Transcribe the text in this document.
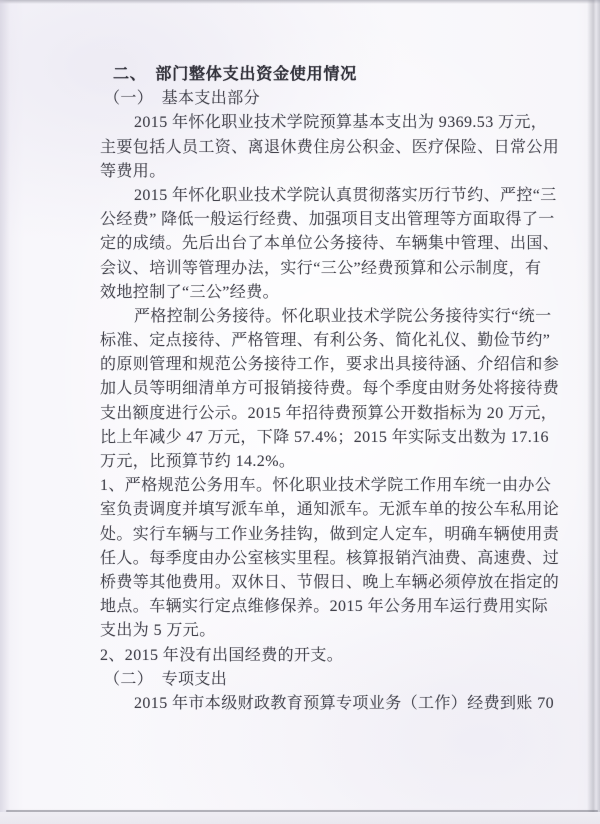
二、　部门整体支出资金使用情况
（一）　基本支出部分
2015 年怀化职业技术学院预算基本支出为 9369.53 万元，
主要包括人员工资、离退休费住房公积金、医疗保险、日常公用
等费用。
2015 年怀化职业技术学院认真贯彻落实历行节约、严控“三
公经费” 降低一般运行经费、加强项目支出管理等方面取得了一
定的成绩。先后出台了本单位公务接待、车辆集中管理、出国、
会议、培训等管理办法，实行“三公”经费预算和公示制度，有
效地控制了“三公”经费。
严格控制公务接待。怀化职业技术学院公务接待实行“统一
标准、定点接待、严格管理、有利公务、简化礼仪、勤俭节约”
的原则管理和规范公务接待工作，要求出具接待涵、介绍信和参
加人员等明细清单方可报销接待费。每个季度由财务处将接待费
支出额度进行公示。2015 年招待费预算公开数指标为 20 万元，
比上年减少 47 万元，下降 57.4%；2015 年实际支出数为 17.16
万元，比预算节约 14.2%。
1、严格规范公务用车。怀化职业技术学院工作用车统一由办公
室负责调度并填写派车单，通知派车。无派车单的按公车私用论
处。实行车辆与工作业务挂钩，做到定人定车，明确车辆使用责
任人。每季度由办公室核实里程。核算报销汽油费、高速费、过
桥费等其他费用。双休日、节假日、晚上车辆必须停放在指定的
地点。车辆实行定点维修保养。2015 年公务用车运行费用实际
支出为 5 万元。
2、2015 年没有出国经费的开支。
（二）　专项支出
2015 年市本级财政教育预算专项业务（工作）经费到账 70
